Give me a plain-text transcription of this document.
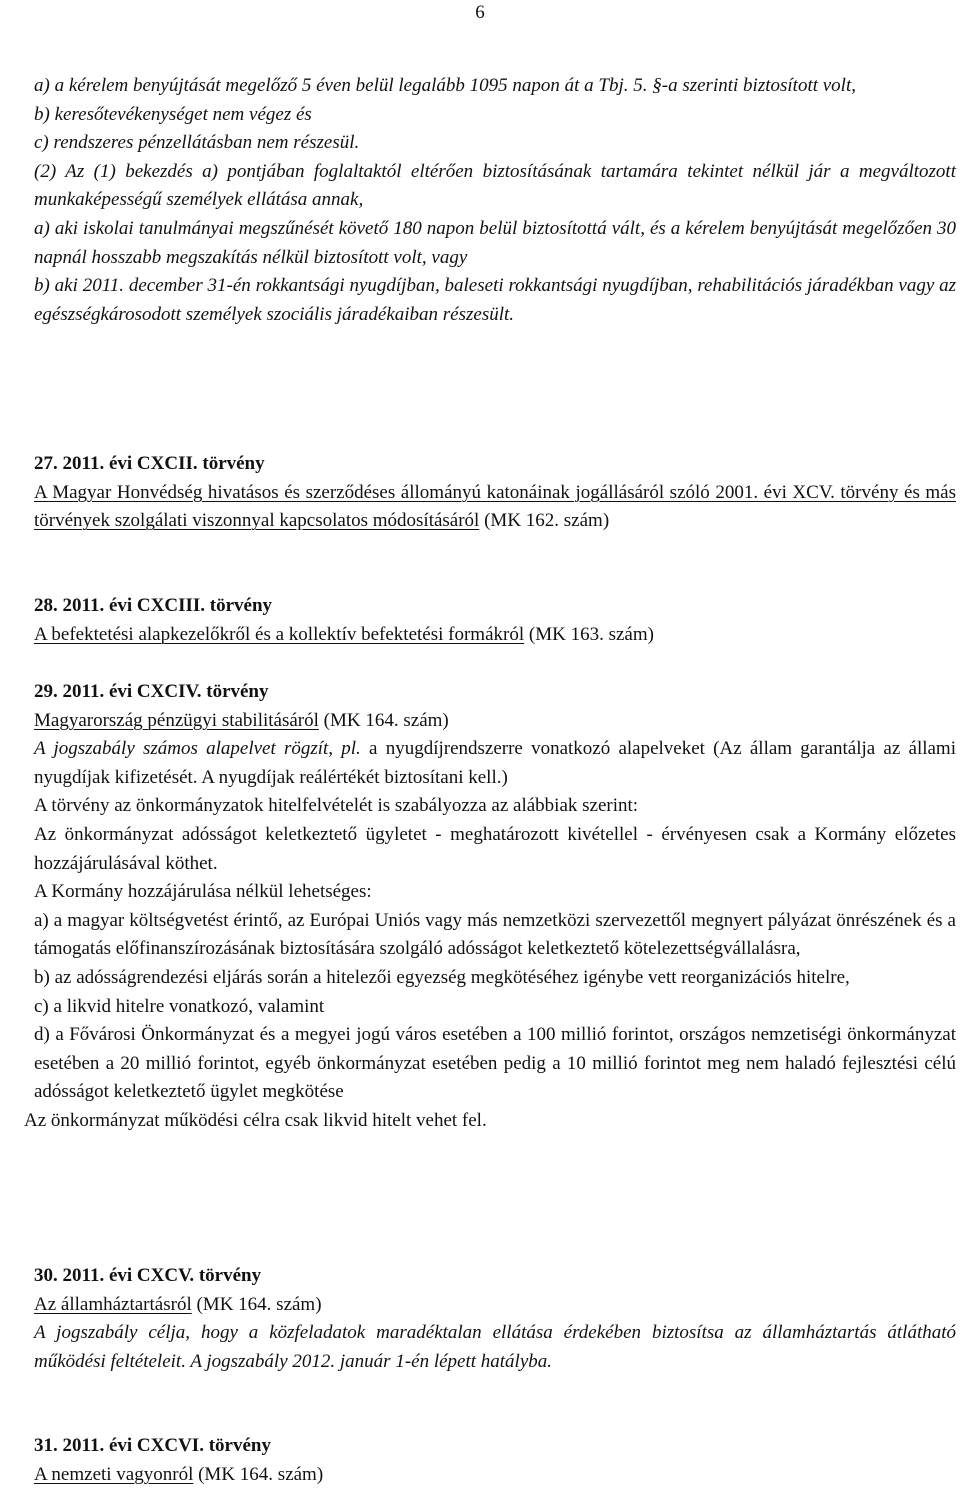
6

a) a kérelem benyújtását megelőző 5 éven belül legalább 1095 napon át a Tbj. 5. §-a szerinti biztosított volt,

b) keresőtevékenységet nem végez és

c) rendszeres pénzellátásban nem részesül.

(2) Az (1) bekezdés a) pontjában foglaltaktól eltérően biztosításának tartamára tekintet nélkül jár a megváltozott munkaképességű személyek ellátása annak,

a) aki iskolai tanulmányai megszűnését követő 180 napon belül biztosítottá vált, és a kérelem benyújtását megelőzően 30 napnál hosszabb megszakítás nélkül biztosított volt, vagy

b) aki 2011. december 31-én rokkantsági nyugdíjban, baleseti rokkantsági nyugdíjban, rehabilitációs járadékban vagy az egészségkárosodott személyek szociális járadékaiban részesült.

27. 2011. évi CXCII. törvény

A Magyar Honvédség hivatásos és szerződéses állományú katonáinak jogállásáról szóló 2001. évi XCV. törvény és más törvények szolgálati viszonnyal kapcsolatos módosításáról (MK 162. szám)

28. 2011. évi CXCIII. törvény

A befektetési alapkezelőkről és a kollektív befektetési formákról (MK 163. szám)

29. 2011. évi CXCIV. törvény

Magyarország pénzügyi stabilitásáról (MK 164. szám)

A jogszabály számos alapelvet rögzít, pl. a nyugdíjrendszerre vonatkozó alapelveket (Az állam garantálja az állami nyugdíjak kifizetését. A nyugdíjak reálértékét biztosítani kell.)

A törvény az önkormányzatok hitelfelvételét is szabályozza az alábbiak szerint:

Az önkormányzat adósságot keletkeztető ügyletet - meghatározott kivétellel - érvényesen csak a Kormány előzetes hozzájárulásával köthet.

A Kormány hozzájárulása nélkül lehetséges:

a) a magyar költségvetést érintő, az Európai Uniós vagy más nemzetközi szervezettől megnyert pályázat önrészének és a támogatás előfinanszírozásának biztosítására szolgáló adósságot keletkeztető kötelezettségvállalásra,

b) az adósságrendezési eljárás során a hitelezői egyezség megkötéséhez igénybe vett reorganizációs hitelre,

c) a likvid hitelre vonatkozó, valamint

d) a Fővárosi Önkormányzat és a megyei jogú város esetében a 100 millió forintot, országos nemzetiségi önkormányzat esetében a 20 millió forintot, egyéb önkormányzat esetében pedig a 10 millió forintot meg nem haladó fejlesztési célú adósságot keletkeztető ügylet megkötése

Az önkormányzat működési célra csak likvid hitelt vehet fel.

30. 2011. évi CXCV. törvény

Az államháztartásról (MK 164. szám)

A jogszabály célja, hogy a közfeladatok maradéktalan ellátása érdekében biztosítsa az államháztartás átlátható működési feltételeit. A jogszabály 2012. január 1-én lépett hatályba.

31. 2011. évi CXCVI. törvény

A nemzeti vagyonról (MK 164. szám)
